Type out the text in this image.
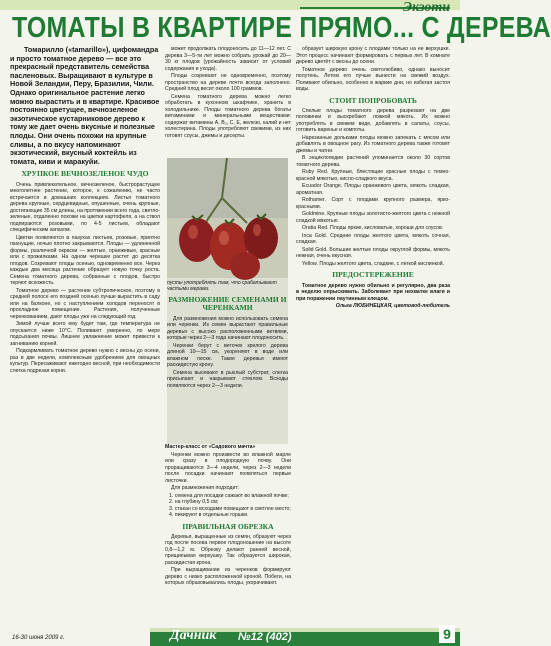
Экзоти
ТОМАТЫ В КВАРТИРЕ ПРЯМО... С ДЕРЕВА
Томарилло («tamarillo»), цифомандра и просто томатное дерево — все это прекрасный представитель семейства пасленовых. Выращивают в культуре в Новой Зеландии, Перу, Бразилии, Чили. Однако оригинальное растение легко можно вырастить и в квартире. Красивое постоянно цветущее, вечнозеленое экзотическое кустарниковое дерево к тому же дает очень вкусные и полезные плоды. Они очень похожи на крупные сливы, а по вкусу напоминают экзотический, вкусный коктейль из томата, киви и маракуйи.
ХРУПКОЕ ВЕЧНОЗЕЛЕНОЕ ЧУДО

Очень привлекательное, вечнозеленое, быстрорастущее многолетнее растение, которое, к сожалению, не часто встречается в домашних коллекциях. Листья томатного дерева крупные, сердцевидные, опушенные, очень крупные, достигающие 35 см длины, на протяжении всего года, светло-зеленые, отдаленно похожи на цветки картофеля, а на ствол подпираются розовыми, по 4-5 листьев, обладают специфическим запахом.

Цветки появляются в пазухах листьев, розовые, приятно пахнущие, ночью плотно закрываются. Плоды — удлиненной формы, различной окраски — желтые, оранжевые, красные или с прожилками. На одном черешке растет до десятка плодов. Созревают плоды осенью, одновременно все. Через каждые два месяца растение образует новую точку роста. Семена томатного дерева, собранные с плодов, быстро теряют всхожесть.

Томатное дерево — растение субтропическое, поэтому в средней полосе его поздней осенью лучше вырастить в саду или на балконе, но с наступлением холодов переносят в прохладное помещение. Растения, полученные черенкованием, дают плоды уже на следующий год.

Зимой лучше всего ему будет там, где температура не опускается ниже 10°С. Поливают умеренно, по мере подсыхания почвы. Лишнее увлажнение может привести к загниванию корней.

Подкармливать томатное дерево нужно с весны до осени, раз в две недели, комплексным удобрением для овощных культур. Пересаживают ежегодно весной, при необходимости слегка подрезая корни.

может продолжать плодоносить до 11—12 лет. С дерева 3—5-ти лет можно собрать урожай до 20—30 кг плодов (урожайность зависит от условий содержания и ухода).

Плоды созревают не одновременно, поэтому пространство на дереве почти всегда заполнено. Средний плод весит около 100 граммов.

Семена томатного дерева можно легко обработать в кухонном шкафчике, хранить в холодильнике. Плоды томатного дерева богаты витаминами и минеральными веществами: содержат витамины A, B₂, C, Е, железо, калий и нет холестерина. Плоды употребляют свежими, из них готовят соусы, джемы и десерты.

пусты употреблять там, что срабатывают частыми мерами.
РАЗМНОЖЕНИЕ СЕМЕНАМИ И ЧЕРЕНКАМИ

Для размножения можно использовать семена или черенки. Из семян вырастают правильные деревья с высоко расположенными ветвями, которые через 2—3 года начинают плодоносить.

Черенки берут с веточек зрелого дерева длиной 10—15 см, укореняют в воде или влажном песке. Такие деревья имеют раскидистую крону.

Семена высевают в рыхлый субстрат, слегка присыпают и накрывают стеклом. Всходы появляются через 2—3 недели.

Мастер-класс от «Садового мачта»

Черенки можно произвести во влажной марле или сразу в плодородную почву. Они проращиваются 3—4 недели, через 2—3 недели после посадки начинают появляться первые листочки.

Для размножения подходит:

1. семена для посадки сажают во влажной почве;
2. на глубину 0,5 см;
3. стакан со всходами помещают в светлое место;
4. пикируют в отдельные горшки.
ПРАВИЛЬНАЯ ОБРЕЗКА

Деревья, выращенные из семян, образуют через год после посева первое плодоношение на высоте 0,8—1,2 м. Обрезку делают ранней весной, прищипывая верхушку. Так образуется широкая, раскидистая крона.

При выращивании из черенков формируют дерево с низко расположенной кроной. Побеги, на которых образовывались плоды, укорачивают.

образует широкую крону с плодами только на ее верхушке. Этот процесс начинают формировать с первых лет. В комнате дерево цветёт с весны до осени.

Томатное дерево очень светолюбиво, однако выносит полутень. Летом его лучше вынести на свежий воздух. Поливают обильно, особенно в жаркие дни, но избегая застоя воды.

СТОИТ ПОПРОБОВАТЬ

Спелые плоды томатного дерева разрезают на две половинки и выскребают ложкой мякоть. Их можно употреблять в свежем виде, добавлять в салаты, соусы, готовить варенье и компоты.

Нарезанные дольками плоды можно запекать с мясом или добавлять в овощное рагу. Из томатного дерева также готовят джемы и чатни.

В энциклопедии растений упоминается около 30 сортов томатного дерева.

Ruby Red. Крупные, блестящие красные плоды с темно-красной мякотью, кисло-сладкого вкуса.

Ecuador Orange. Плоды оранжевого цвета, мякоть сладкая, ароматная.

Rothamer. Сорт с плодами крупного размера, ярко-красными.

Goldmine. Крупные плоды золотисто-желтого цвета с нежной сладкой мякотью.

Oratia Red. Плоды яркие, кисловатые, хороши для соусов.

Inca Gold. Средние плоды желтого цвета, мякоть сочная, сладкая.

Solid Gold. Большие желтые плоды округлой формы, мякоть нежная, очень вкусная.

Yellow. Плоды желтого цвета, сладкие, с легкой кислинкой.

ПРЕДОСТЕРЕЖЕНИЕ

Томатное дерево нужно обильно и регулярно, два раза в неделю опрыскивать. Заболевает при нехватке влаги и при поражении паутинным клещом.

Ольга ЛЮБИНЕЦКАЯ, цветовод-любитель

16-30 июня 2009 г.	Дачник №12 (402)	9
